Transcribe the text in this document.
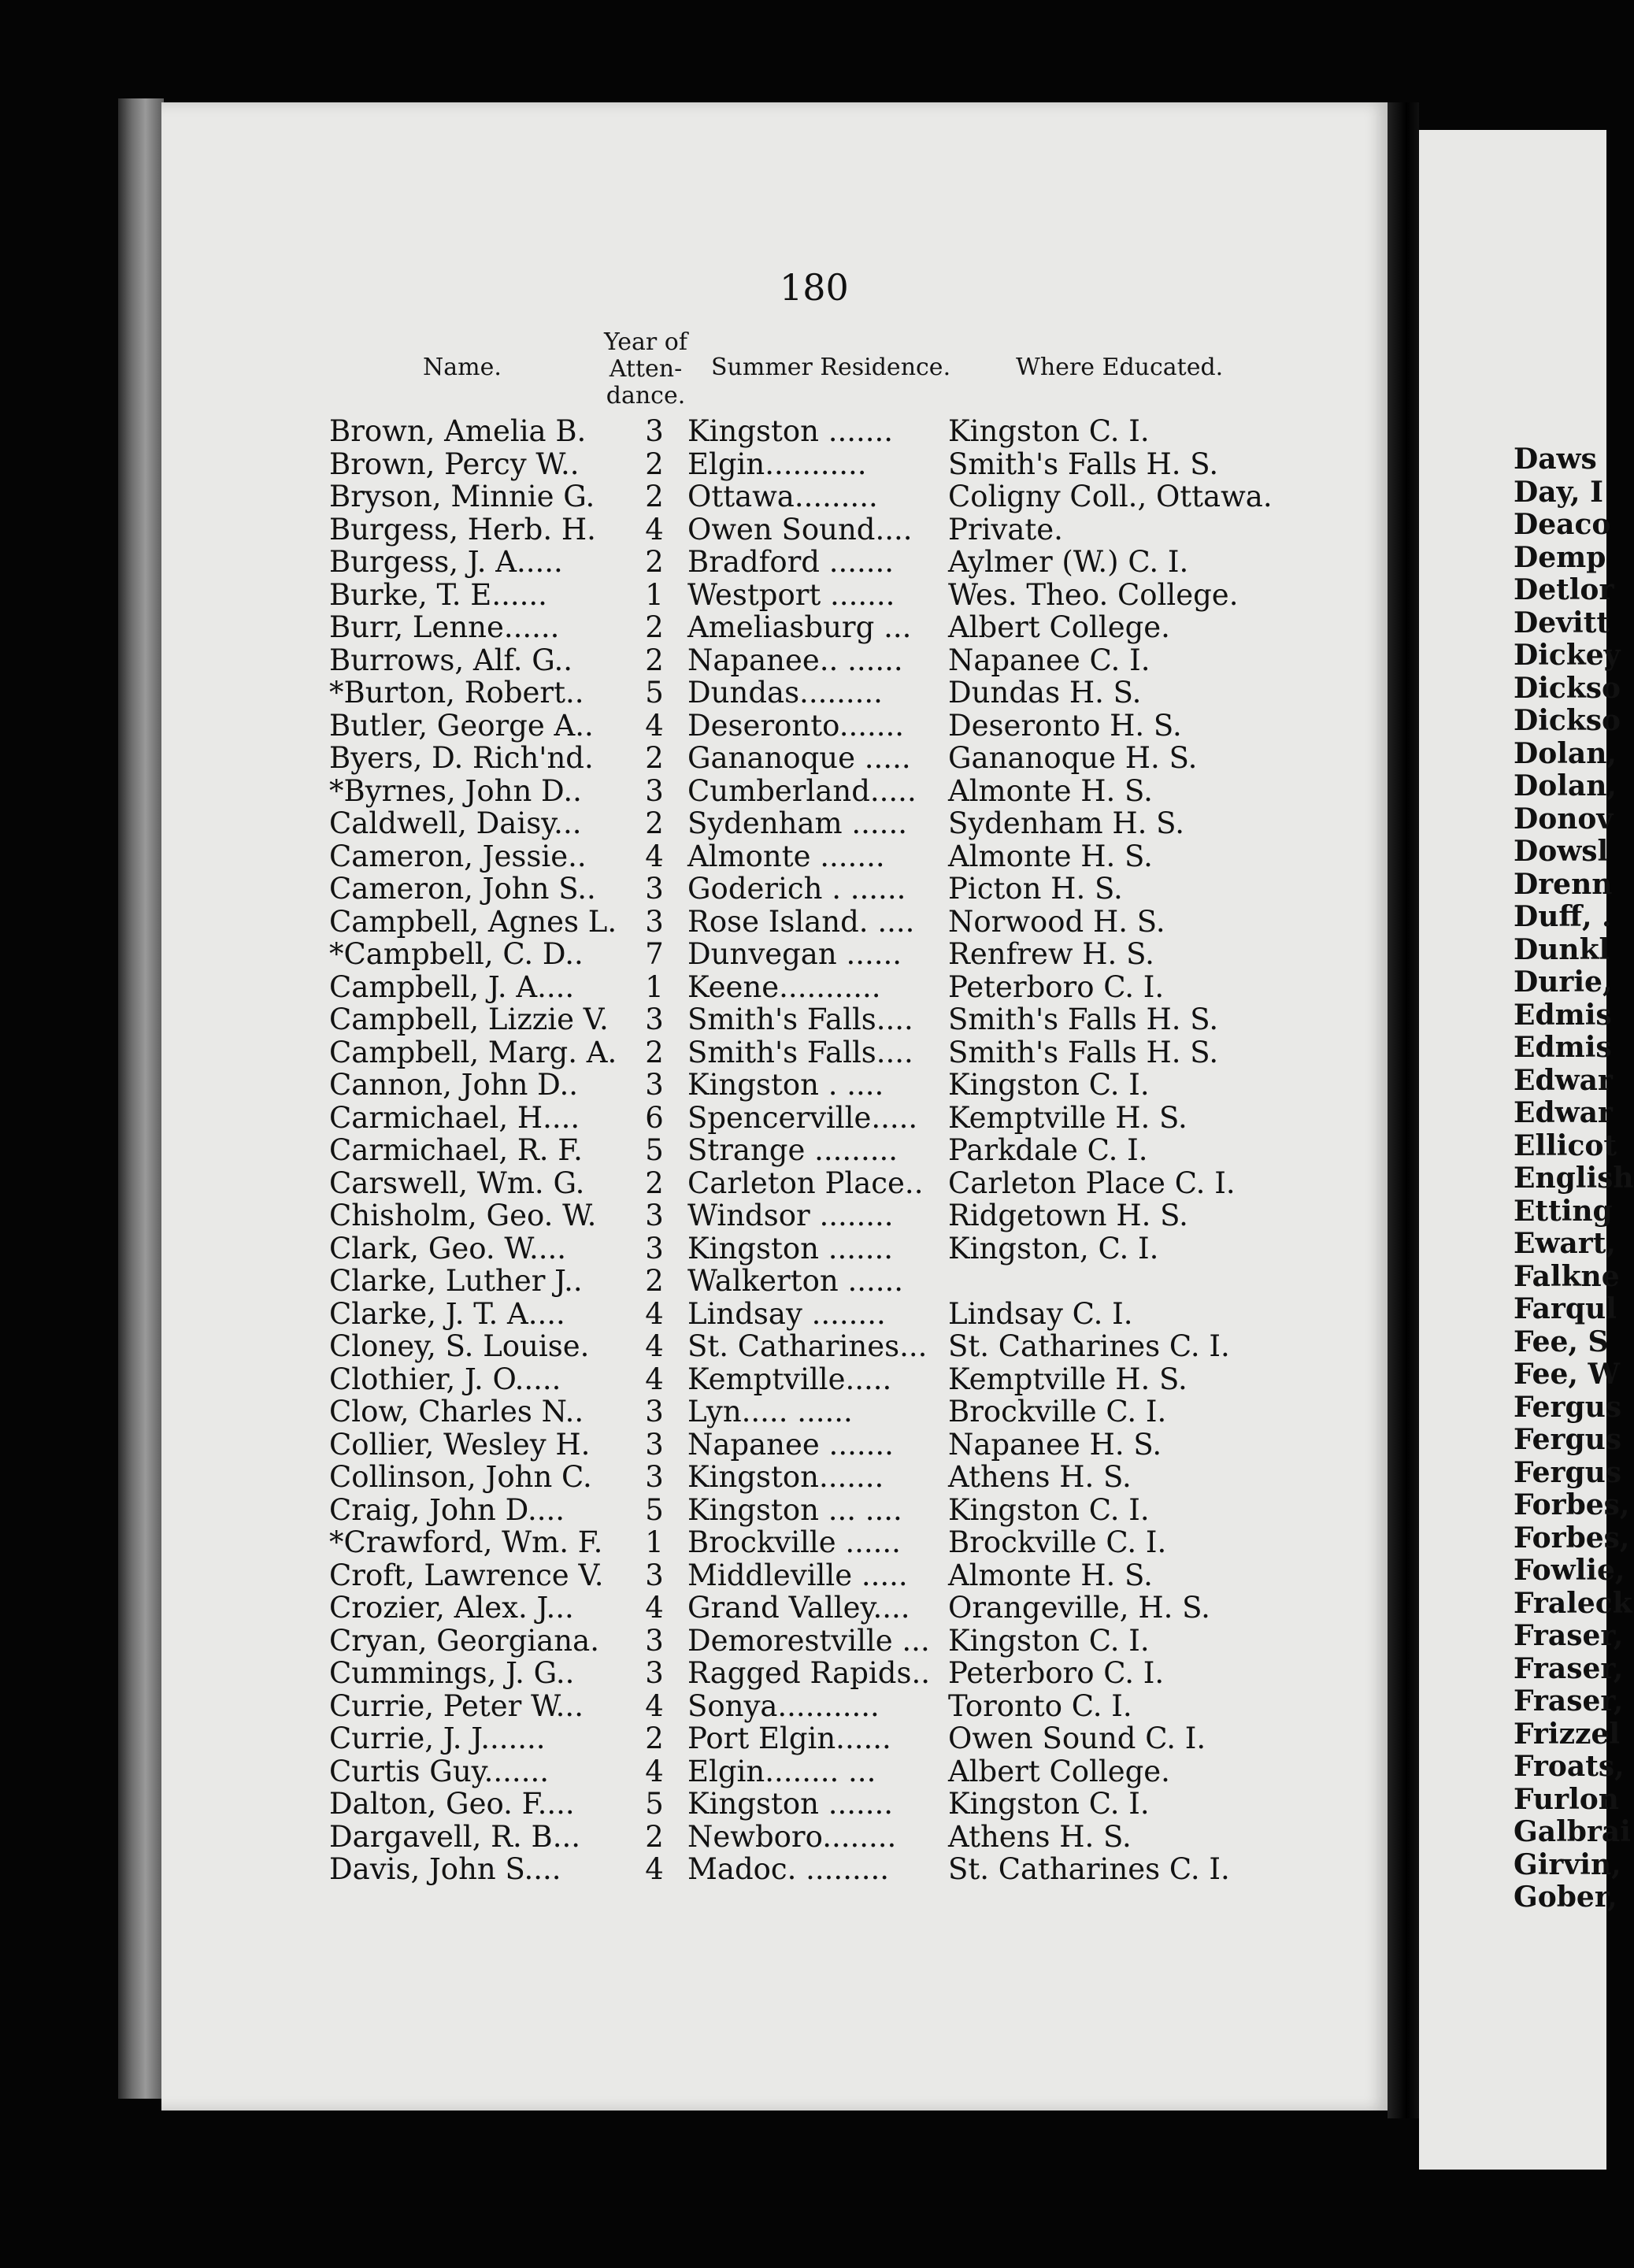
180
Name.
Year of
Atten-
dance.
Summer Residence.	Where Educated.
Brown, Amelia B. 3 Kingston ....... Kingston C. I.
Brown, Percy W.. 2 Elgin...........	Smith's Falls H. S.
Bryson, Minnie G. 2 Ottawa......... Coligny Coll., Ottawa.
Burgess, Herb. H. 4 Owen Sound.... Private.
Burgess, J. A.....	2 Bradford ....... Aylmer (W.) C. I.
Burke, T. E......	1 Westport ....... Wes. Theo. College.
Burr, Lenne......	2 Ameliasburg ... Albert College.
Burrows, Alf. G.. 2 Napanee.. ...... Napanee C. I.
*Burton, Robert.. 5 Dundas......... Dundas H. S.
Butler, George A.. 4 Deseronto....... Deseronto H. S.
Byers, D. Rich'nd. 2 Gananoque ..... Gananoque H. S.
*Byrnes, John D.. 3 Cumberland..... Almonte H. S.
Caldwell, Daisy... 2 Sydenham ...... Sydenham H. S.
Cameron, Jessie.. 4 Almonte ....... Almonte H. S.
Cameron, John S.. 3 Goderich . ...... Picton H. S.
Campbell, Agnes L. 3 Rose Island. .... Norwood H. S.
*Campbell, C. D.. 7 Dunvegan ...... Renfrew H. S.
Campbell, J. A.... 1 Keene........... Peterboro C. I.
Campbell, Lizzie V. 3 Smith's Falls.... Smith's Falls H. S.
Campbell, Marg. A. 2 Smith's Falls.... Smith's Falls H. S.
Cannon, John D.. 3 Kingston . .... Kingston C. I.
Carmichael, H.... 6 Spencerville..... Kemptville H. S.
Carmichael, R. F. 5 Strange ......... Parkdale C. I.
Carswell, Wm. G. 2 Carleton Place.. Carleton Place C. I.
Chisholm, Geo. W. 3 Windsor ........ Ridgetown H. S.
Clark, Geo. W....	3 Kingston ....... Kingston, C. I.
Clarke, Luther J.. 2 Walkerton ......
Clarke, J. T. A....	4 Lindsay ........ Lindsay C. I.
Cloney, S. Louise. 4 St. Catharines... St. Catharines C. I.
Clothier, J. O.....	4 Kemptville..... Kemptville H. S.
Clow, Charles N.. 3 Lyn..... ......	Brockville C. I.
Collier, Wesley H. 3 Napanee ....... Napanee H. S.
Collinson, John C. 3 Kingston....... Athens H. S.
Craig, John D....	5 Kingston ... .... Kingston C. I.
*Crawford, Wm. F. 1 Brockville ...... Brockville C. I.
Croft, Lawrence V. 3 Middleville ..... Almonte H. S.
Crozier, Alex. J... 4 Grand Valley.... Orangeville, H. S.
Cryan, Georgiana. 3 Demorestville ... Kingston C. I.
Cummings, J. G.. 3 Ragged Rapids.. Peterboro C. I.
Currie, Peter W... 4 Sonya........... Toronto C. I.
Currie, J. J.......	2 Port Elgin...... Owen Sound C. I.
Curtis Guy.......	4 Elgin........ ... Albert College.
Dalton, Geo. F.... 5 Kingston ....... Kingston C. I.
Dargavell, R. B... 2 Newboro........ Athens H. S.
Davis, John S....	4 Madoc. ......... St. Catharines C. I.
Daws
Day, I
Deaco
Demp
Detlor
Devitt
Dickey
Dickso
Dickso
Dolan,
Dolan,
Donov
Dowsl
Drenn
Duff, .
Dunkl
Durie,
Edmis
Edmis
Edwar
Edwar
Ellicot
English
Etting
Ewart,
Falkne
Farqul
Fee, S
Fee, W
Fergus
Fergus
Fergus
Forbes,
Forbes,
Fowlie,
Fraleck
Fraser,
Fraser,
Fraser,
Frizzel
Froats,
Furlon
Galbrai
Girvin,
Gober,
